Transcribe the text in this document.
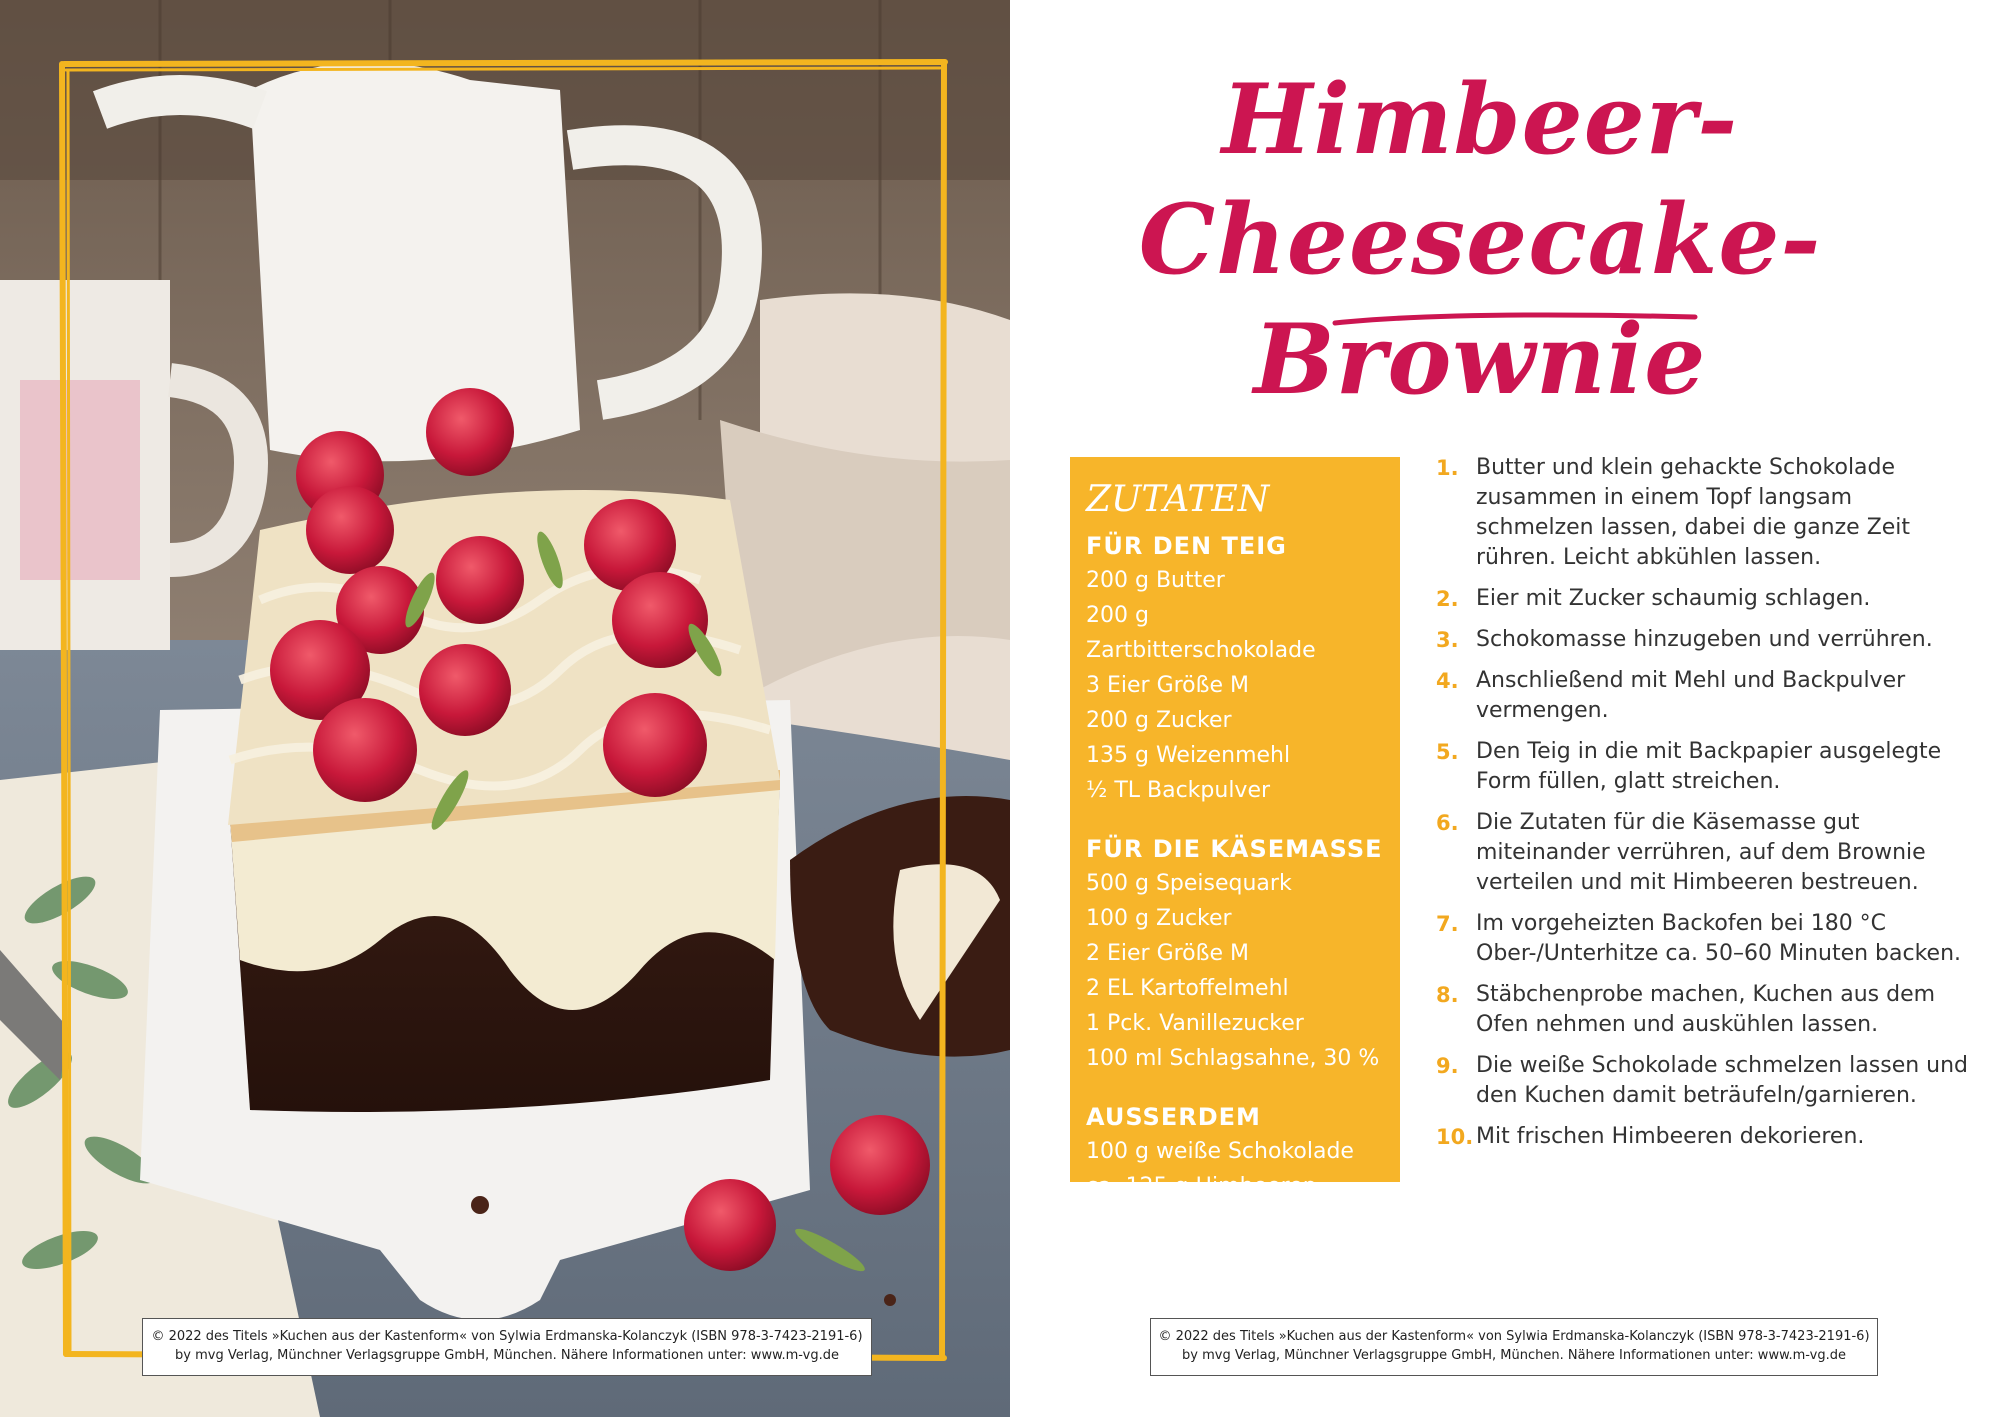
Himbeer-Cheesecake-
Brownie
ZUTATEN
FÜR DEN TEIG
200 g Butter
200 g Zartbitterschokolade
3 Eier Größe M
200 g Zucker
135 g Weizenmehl
½ TL Backpulver
FÜR DIE KÄSEMASSE
500 g Speisequark
100 g Zucker
2 Eier Größe M
2 EL Kartoffelmehl
1 Pck. Vanillezucker
100 ml Schlagsahne, 30 %
AUSSERDEM
100 g weiße Schokolade
ca. 125 g Himbeeren
1. Butter und klein gehackte Schokolade zusammen in einem Topf langsam schmelzen lassen, dabei die ganze Zeit rühren. Leicht abkühlen lassen.
2. Eier mit Zucker schaumig schlagen.
3. Schokomasse hinzugeben und verrühren.
4. Anschließend mit Mehl und Backpulver vermengen.
5. Den Teig in die mit Backpapier ausgelegte Form füllen, glatt streichen.
6. Die Zutaten für die Käsemasse gut miteinander verrühren, auf dem Brownie verteilen und mit Himbeeren bestreuen.
7. Im vorgeheizten Backofen bei 180 °C Ober-/Unterhitze ca. 50–60 Minuten backen.
8. Stäbchenprobe machen, Kuchen aus dem Ofen nehmen und auskühlen lassen.
9. Die weiße Schokolade schmelzen lassen und den Kuchen damit beträufeln/garnieren.
10. Mit frischen Himbeeren dekorieren.
© 2022 des Titels »Kuchen aus der Kastenform« von Sylwia Erdmanska-Kolanczyk (ISBN 978-3-7423-2191-6)
by mvg Verlag, Münchner Verlagsgruppe GmbH, München. Nähere Informationen unter: www.m-vg.de
© 2022 des Titels »Kuchen aus der Kastenform« von Sylwia Erdmanska-Kolanczyk (ISBN 978-3-7423-2191-6)
by mvg Verlag, Münchner Verlagsgruppe GmbH, München. Nähere Informationen unter: www.m-vg.de
